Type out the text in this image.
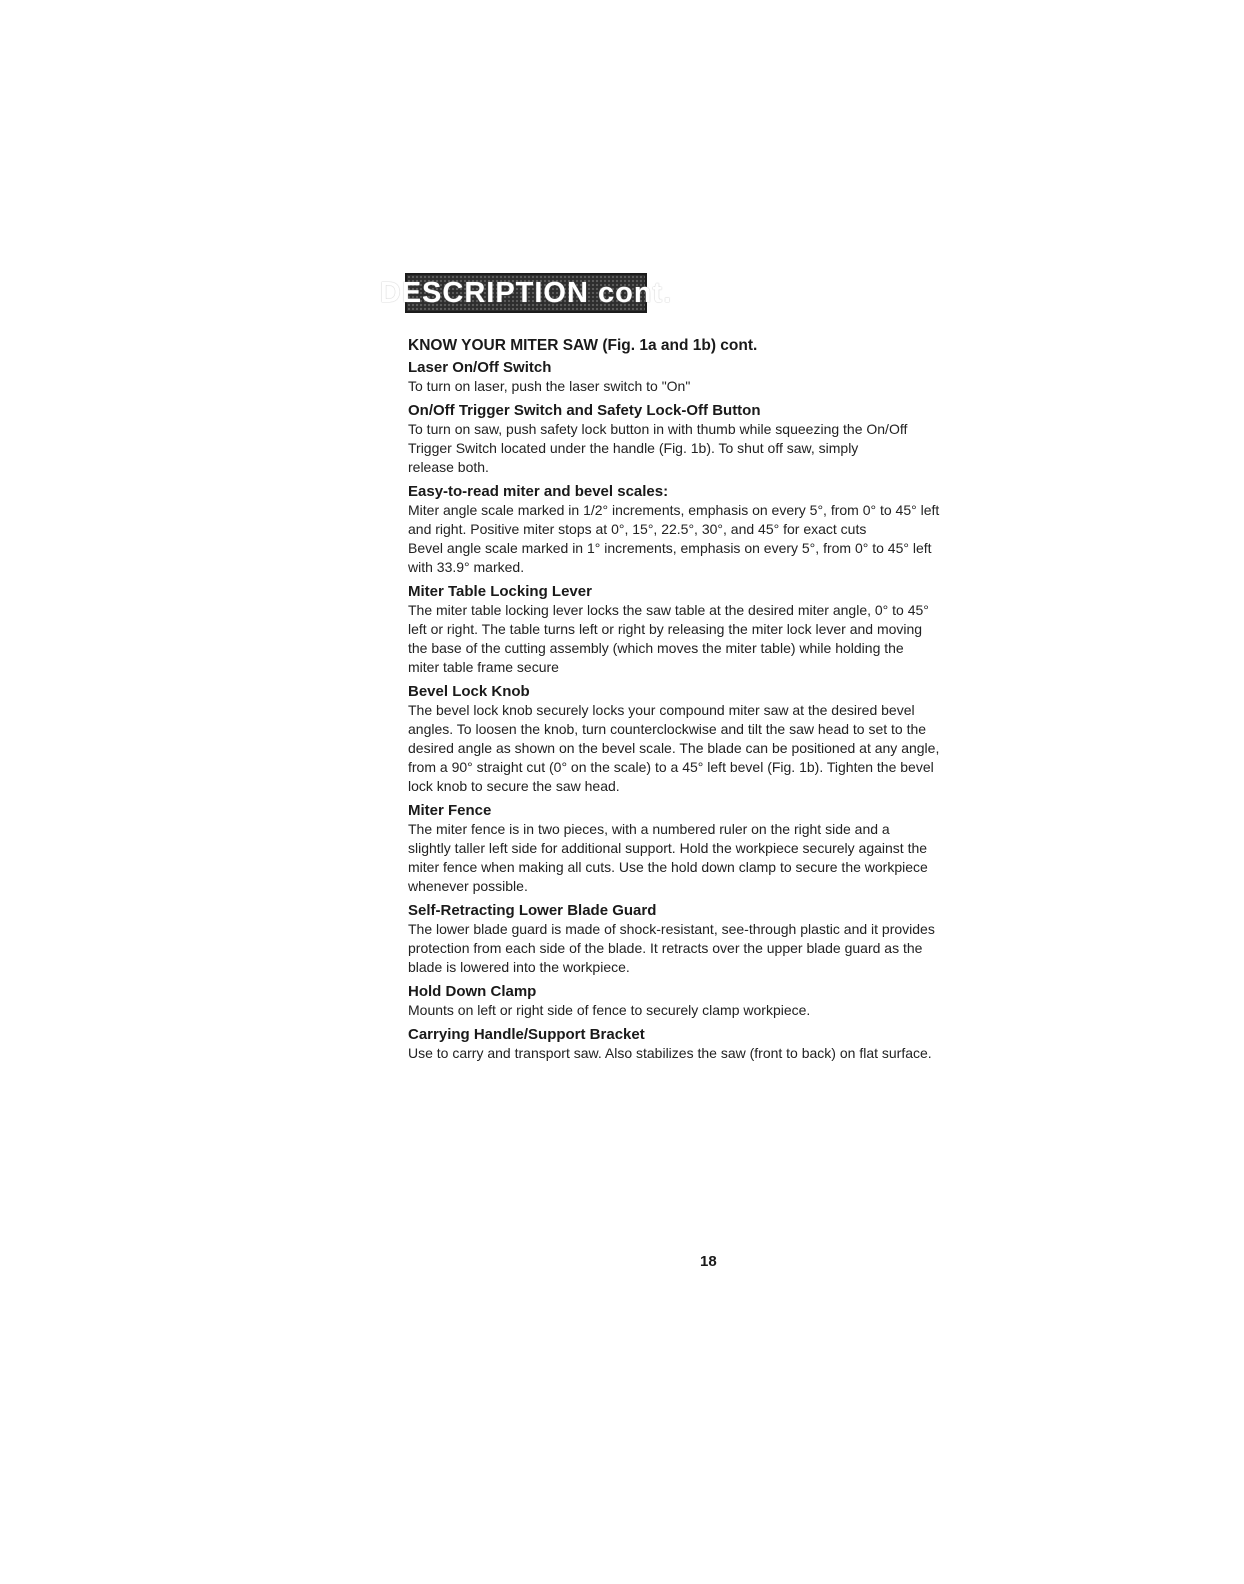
DESCRIPTION cont.
KNOW YOUR MITER SAW (Fig. 1a and 1b) cont.
Laser On/Off Switch
To turn on laser, push the laser switch to "On"
On/Off Trigger Switch and Safety Lock-Off Button
To turn on saw, push safety lock button in with thumb while squeezing the On/Off
Trigger Switch located under the handle (Fig. 1b). To shut off saw, simply
release both.
Easy-to-read miter and bevel scales:
Miter angle scale marked in 1/2° increments, emphasis on every 5°, from 0° to 45° left
and right. Positive miter stops at 0°, 15°, 22.5°, 30°, and 45° for exact cuts
Bevel angle scale marked in 1° increments, emphasis on every 5°, from 0° to 45° left
with 33.9° marked.
Miter Table Locking Lever
The miter table locking lever locks the saw table at the desired miter angle, 0° to 45°
left or right. The table turns left or right by releasing the miter lock lever and moving
the base of the cutting assembly (which moves the miter table) while holding the
miter table frame secure
Bevel Lock Knob
The bevel lock knob securely locks your compound miter saw at the desired bevel
angles. To loosen the knob, turn counterclockwise and tilt the saw head to set to the
desired angle as shown on the bevel scale. The blade can be positioned at any angle,
from a 90° straight cut (0° on the scale) to a 45° left bevel (Fig. 1b). Tighten the bevel
lock knob to secure the saw head.
Miter Fence
The miter fence is in two pieces, with a numbered ruler on the right side and a
slightly taller left side for additional support. Hold the workpiece securely against the
miter fence when making all cuts. Use the hold down clamp to secure the workpiece
whenever possible.
Self-Retracting Lower Blade Guard
The lower blade guard is made of shock-resistant, see-through plastic and it provides
protection from each side of the blade. It retracts over the upper blade guard as the
blade is lowered into the workpiece.
Hold Down Clamp
Mounts on left or right side of fence to securely clamp workpiece.
Carrying Handle/Support Bracket
Use to carry and transport saw. Also stabilizes the saw (front to back) on flat surface.
18
